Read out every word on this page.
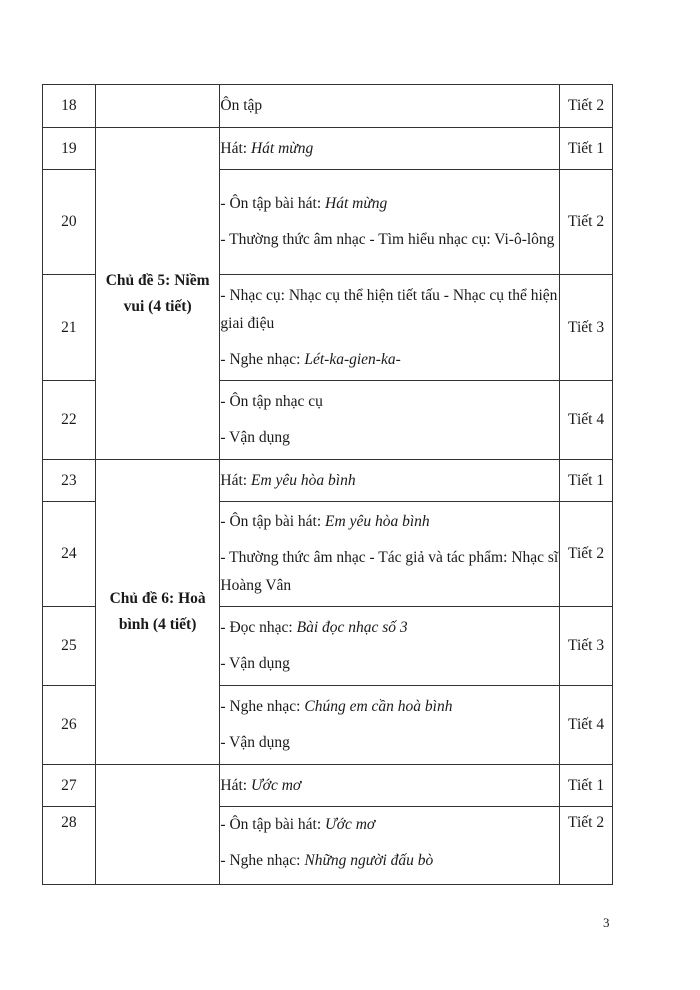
18		Ôn tập	Tiết 2
19	Chủ đề 5: Niềm vui (4 tiết)	Hát: Hát mừng	Tiết 1
20		- Ôn tập bài hát: Hát mừng
- Thường thức âm nhạc - Tìm hiểu nhạc cụ: Vi-ô-lông	Tiết 2
21		- Nhạc cụ: Nhạc cụ thể hiện tiết tấu - Nhạc cụ thể hiện giai điệu
- Nghe nhạc: Lét-ka-gien-ka-	Tiết 3
22		- Ôn tập nhạc cụ
- Vận dụng	Tiết 4
23	Chủ đề 6: Hoà bình (4 tiết)	Hát: Em yêu hòa bình	Tiết 1
24		- Ôn tập bài hát: Em yêu hòa bình
- Thường thức âm nhạc - Tác giả và tác phẩm: Nhạc sĩ Hoàng Vân	Tiết 2
25		- Đọc nhạc: Bài đọc nhạc số 3
- Vận dụng	Tiết 3
26		- Nghe nhạc: Chúng em cần hoà bình
- Vận dụng	Tiết 4
27		Hát: Ước mơ	Tiết 1
28		- Ôn tập bài hát: Ước mơ
- Nghe nhạc: Những người đấu bò	Tiết 2
3
